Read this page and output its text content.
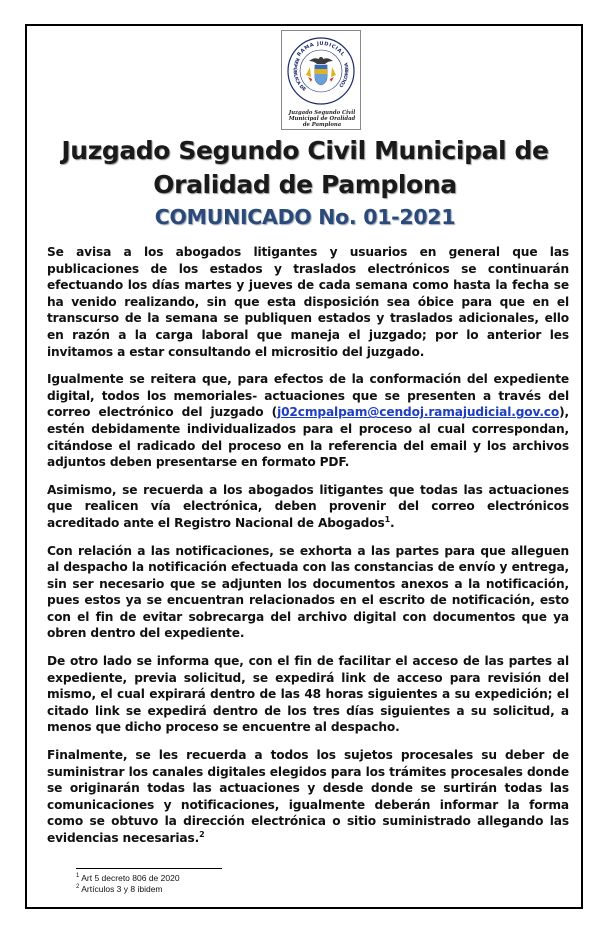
RAMA JUDICIAL
REPÚBLICA DE
COLOMBIA
Juzgado Segundo Civil
Municipal de Oralidad
de Pamplona
Juzgado Segundo Civil Municipal de
Oralidad de Pamplona
COMUNICADO No. 01-2021

Se avisa a los abogados litigantes y usuarios en general que las publicaciones de los estados y traslados electrónicos se continuarán efectuando los días martes y jueves de cada semana como hasta la fecha se ha venido realizando, sin que esta disposición sea óbice para que en el transcurso de la semana se publiquen estados y traslados adicionales, ello en razón a la carga laboral que maneja el juzgado; por lo anterior les invitamos a estar consultando el micrositio del juzgado.

Igualmente se reitera que, para efectos de la conformación del expediente digital, todos los memoriales- actuaciones que se presenten a través del correo electrónico del juzgado (j02cmpalpam@cendoj.ramajudicial.gov.co), estén debidamente individualizados para el proceso al cual correspondan, citándose el radicado del proceso en la referencia del email y los archivos adjuntos deben presentarse en formato PDF.

Asimismo, se recuerda a los abogados litigantes que todas las actuaciones que realicen vía electrónica, deben provenir del correo electrónicos acreditado ante el Registro Nacional de Abogados$^1$.

Con relación a las notificaciones, se exhorta a las partes para que alleguen al despacho la notificación efectuada con las constancias de envío y entrega, sin ser necesario que se adjunten los documentos anexos a la notificación, pues estos ya se encuentran relacionados en el escrito de notificación, esto con el fin de evitar sobrecarga del archivo digital con documentos que ya obren dentro del expediente.

De otro lado se informa que, con el fin de facilitar el acceso de las partes al expediente, previa solicitud, se expedirá link de acceso para revisión del mismo, el cual expirará dentro de las 48 horas siguientes a su expedición; el citado link se expedirá dentro de los tres días siguientes a su solicitud, a menos que dicho proceso se encuentre al despacho.

Finalmente, se les recuerda a todos los sujetos procesales su deber de suministrar los canales digitales elegidos para los trámites procesales donde se originarán todas las actuaciones y desde donde se surtirán todas las comunicaciones y notificaciones, igualmente deberán informar la forma como se obtuvo la dirección electrónica o sitio suministrado allegando las evidencias necesarias.$^2$

$^1$ Art 5 decreto 806 de 2020
$^2$ Artículos 3 y 8 ibidem
